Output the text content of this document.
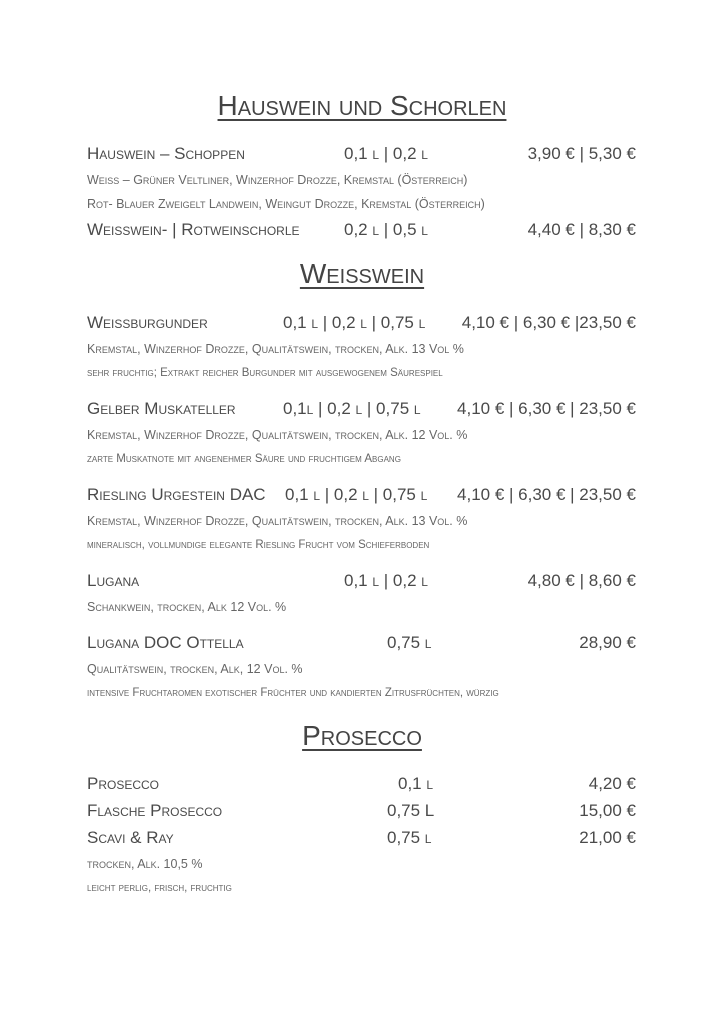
Hauswein und Schorlen
Hauswein – Schoppen	0,1 l | 0,2 l	3,90 € | 5,30 €
Weiß – Grüner Veltliner, Winzerhof Drozze, Kremstal (Österreich)
Rot- Blauer Zweigelt Landwein, Weingut Drozze, Kremstal (Österreich)
Weißwein- | Rotweinschorle	0,2 l | 0,5 l	4,40 € | 8,30 €
Weißwein
Weißburgunder	0,1 l | 0,2 l | 0,75 l 4,10 € | 6,30 € |23,50 €
Kremstal, Winzerhof Drozze, Qualitätswein, trocken, Alk. 13 Vol %
sehr fruchtig; Extrakt reicher Burgunder mit ausgewogenem Säurespiel
Gelber Muskateller	0,1l | 0,2 l | 0,75 l 4,10 € | 6,30 € | 23,50 €
Kremstal, Winzerhof Drozze, Qualitätswein, trocken, Alk. 12 Vol. %
zarte Muskatnote mit angenehmer Säure und fruchtigem Abgang
Riesling Urgestein DAC 0,1 l | 0,2 l | 0,75 l 4,10 € | 6,30 € | 23,50 €
Kremstal, Winzerhof Drozze, Qualitätswein, trocken, Alk. 13 Vol. %
mineralisch, vollmundige elegante Riesling Frucht vom Schieferboden
Lugana	0,1 l | 0,2 l	4,80 € | 8,60 €
Schankwein, trocken, Alk 12 Vol. %
Lugana DOC Ottella	0,75 l	28,90 €
Qualitätswein, trocken, Alk, 12 Vol. %
intensive Fruchtaromen exotischer Früchter und kandierten Zitrusfrüchten, würzig
Prosecco
Prosecco	0,1 l	4,20 €
Flasche Prosecco	0,75 L	15,00 €
Scavi & Ray	0,75 l	21,00 €
trocken, Alk. 10,5 %
leicht perlig, frisch, fruchtig
